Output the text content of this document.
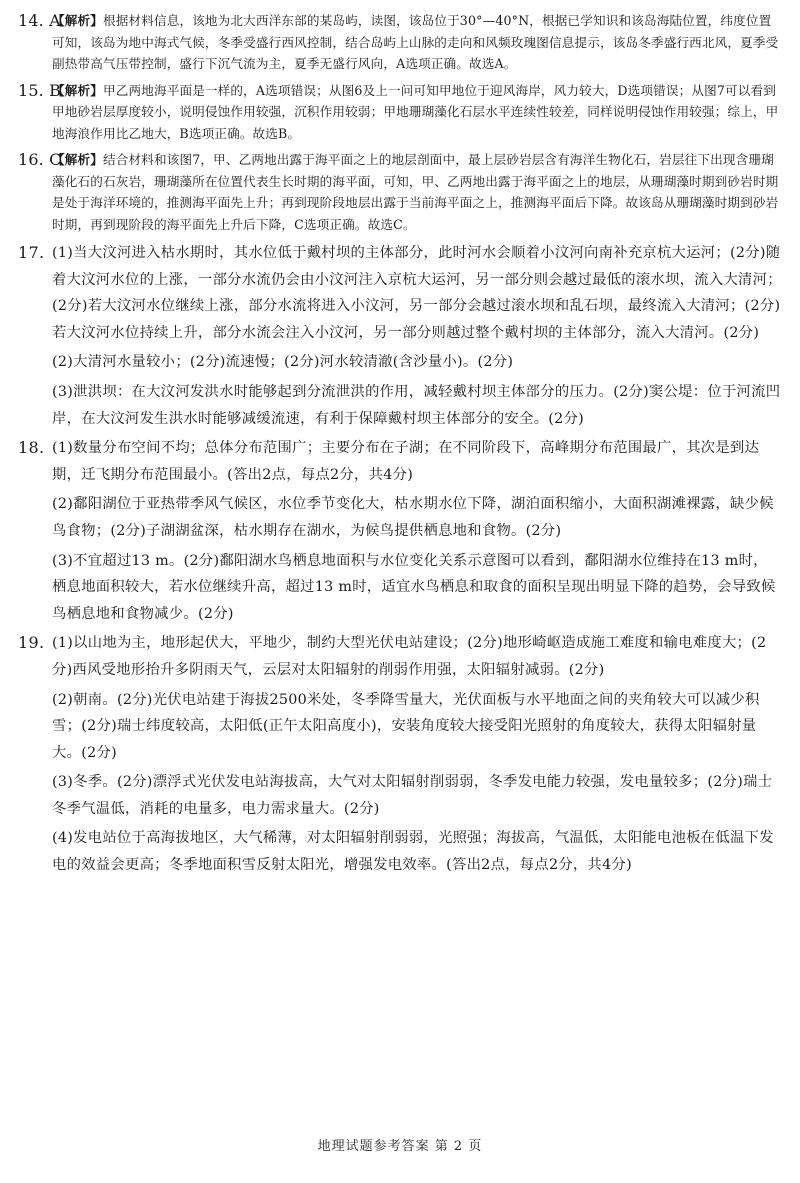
14. A
【解析】根据材料信息，该地为北大西洋东部的某岛屿，读图，该岛位于30°—40°N，根据已学知识和该岛海陆位置，纬度位置可知，该岛为地中海式气候，冬季受盛行西风控制，结合岛屿上山脉的走向和风频玫瑰图信息提示，该岛冬季盛行西北风，夏季受副热带高气压带控制，盛行下沉气流为主，夏季无盛行风向，A选项正确。故选A。
15. B
【解析】甲乙两地海平面是一样的，A选项错误；从图6及上一问可知甲地位于迎风海岸，风力较大，D选项错误；从图7可以看到甲地砂岩层厚度较小，说明侵蚀作用较强，沉积作用较弱；甲地珊瑚藻化石层水平连续性较差，同样说明侵蚀作用较强；综上，甲地海浪作用比乙地大，B选项正确。故选B。
16. C
【解析】结合材料和该图7，甲、乙两地出露于海平面之上的地层剖面中，最上层砂岩层含有海洋生物化石，岩层往下出现含珊瑚藻化石的石灰岩，珊瑚藻所在位置代表生长时期的海平面，可知，甲、乙两地出露于海平面之上的地层，从珊瑚藻时期到砂岩时期是处于海洋环境的，推测海平面先上升；再到现阶段地层出露于当前海平面之上，推测海平面后下降。故该岛从珊瑚藻时期到砂岩时期，再到现阶段的海平面先上升后下降，C选项正确。故选C。
17. (1)当大汶河进入枯水期时，其水位低于戴村坝的主体部分，此时河水会顺着小汶河向南补充京杭大运河；(2分)随着大汶河水位的上涨，一部分水流仍会由小汶河注入京杭大运河，另一部分则会越过最低的滚水坝，流入大清河；(2分)若大汶河水位继续上涨，部分水流将进入小汶河，另一部分会越过滚水坝和乱石坝，最终流入大清河；(2分)若大汶河水位持续上升，部分水流会注入小汶河，另一部分则越过整个戴村坝的主体部分，流入大清河。(2分)

(2)大清河水量较小；(2分)流速慢；(2分)河水较清澈(含沙量小)。(2分)

(3)泄洪坝：在大汶河发洪水时能够起到分流泄洪的作用，减轻戴村坝主体部分的压力。(2分)窦公堤：位于河流凹岸，在大汶河发生洪水时能够减缓流速，有利于保障戴村坝主体部分的安全。(2分)

18. (1)数量分布空间不均；总体分布范围广；主要分布在子湖；在不同阶段下，高峰期分布范围最广，其次是到达期，迁飞期分布范围最小。(答出2点，每点2分，共4分)

(2)鄱阳湖位于亚热带季风气候区，水位季节变化大，枯水期水位下降，湖泊面积缩小，大面积湖滩裸露，缺少候鸟食物；(2分)子湖湖盆深，枯水期存在湖水，为候鸟提供栖息地和食物。(2分)

(3)不宜超过13 m。(2分)鄱阳湖水鸟栖息地面积与水位变化关系示意图可以看到，鄱阳湖水位维持在13 m时，栖息地面积较大，若水位继续升高，超过13 m时，适宜水鸟栖息和取食的面积呈现出明显下降的趋势，会导致候鸟栖息地和食物减少。(2分)

19. (1)以山地为主，地形起伏大，平地少，制约大型光伏电站建设；(2分)地形崎岖造成施工难度和输电难度大；(2分)西风受地形抬升多阴雨天气，云层对太阳辐射的削弱作用强，太阳辐射减弱。(2分)

(2)朝南。(2分)光伏电站建于海拔2500米处，冬季降雪量大，光伏面板与水平地面之间的夹角较大可以减少积雪；(2分)瑞士纬度较高，太阳低(正午太阳高度小)，安装角度较大接受阳光照射的角度较大，获得太阳辐射量大。(2分)

(3)冬季。(2分)漂浮式光伏发电站海拔高，大气对太阳辐射削弱弱，冬季发电能力较强，发电量较多；(2分)瑞士冬季气温低，消耗的电量多，电力需求量大。(2分)

(4)发电站位于高海拔地区，大气稀薄，对太阳辐射削弱弱，光照强；海拔高，气温低，太阳能电池板在低温下发电的效益会更高；冬季地面积雪反射太阳光，增强发电效率。(答出2点，每点2分，共4分)

地理试题参考答案 第 2 页
